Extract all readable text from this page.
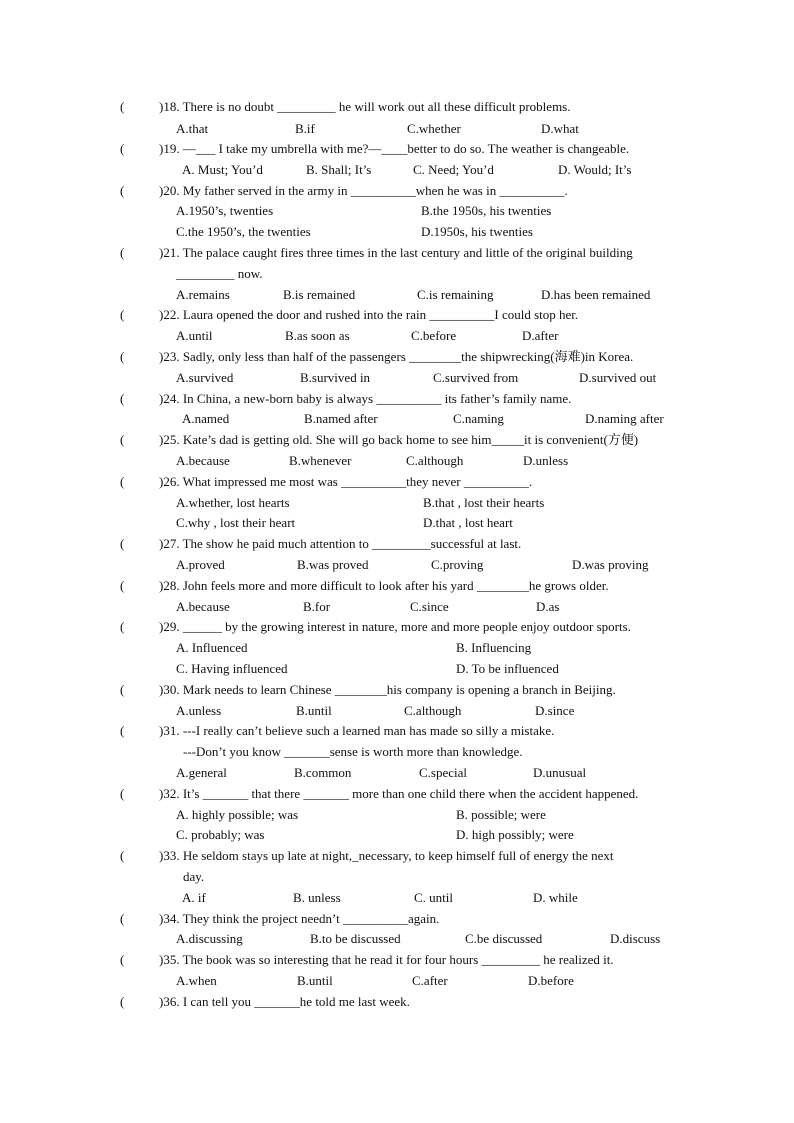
(	)18. There is no doubt _________ he will work out all these difficult problems.
A.that	B.if	C.whether	D.what
(	)19. —___ I take my umbrella with me?—____better to do so. The weather is changeable.
A. Must; You’d	B. Shall; It’s	C. Need; You’d	D. Would; It’s
(	)20. My father served in the army in __________when he was in __________.
A.1950’s, twenties	B.the 1950s, his twenties
C.the 1950’s, the twenties	D.1950s, his twenties
(	)21. The palace caught fires three times in the last century and little of the original building
_________ now.
A.remains	B.is remained	C.is remaining	D.has been remained
(	)22. Laura opened the door and rushed into the rain __________I could stop her.
A.until	B.as soon as	C.before	D.after
(	)23. Sadly, only less than half of the passengers ________the shipwrecking(海难)in Korea.
A.survived	B.survived in	C.survived from	D.survived out
(	)24. In China, a new-born baby is always __________ its father’s family name.
A.named	B.named after	C.naming	D.naming after
(	)25. Kate’s dad is getting old. She will go back home to see him_____it is convenient(方便)
A.because	B.whenever	C.although	D.unless
(	)26. What impressed me most was __________they never __________.
A.whether, lost hearts	B.that , lost their hearts
C.why , lost their heart	D.that , lost heart
(	)27. The show he paid much attention to _________successful at last.
A.proved	B.was proved	C.proving	D.was proving
(	)28. John feels more and more difficult to look after his yard ________he grows older.
A.because	B.for	C.since	D.as
(	)29. ______ by the growing interest in nature, more and more people enjoy outdoor sports.
A. Influenced	B. Influencing
C. Having influenced	D. To be influenced
(	)30. Mark needs to learn Chinese ________his company is opening a branch in Beijing.
A.unless	B.until	C.although	D.since
(	)31. ---I really can’t believe such a learned man has made so silly a mistake.
---Don’t you know _______sense is worth more than knowledge.
A.general	B.common	C.special	D.unusual
(	)32. It’s _______ that there _______ more than one child there when the accident happened.
A. highly possible; was	B. possible; were
C. probably; was	D. high possibly; were
(	)33. He seldom stays up late at night,_necessary, to keep himself full of energy the next
day.
A. if	B. unless	C. until	D. while
(	)34. They think the project needn’t __________again.
A.discussing	B.to be discussed	C.be discussed	D.discuss
(	)35. The book was so interesting that he read it for four hours _________ he realized it.
A.when	B.until	C.after	D.before
(	)36. I can tell you _______he told me last week.
